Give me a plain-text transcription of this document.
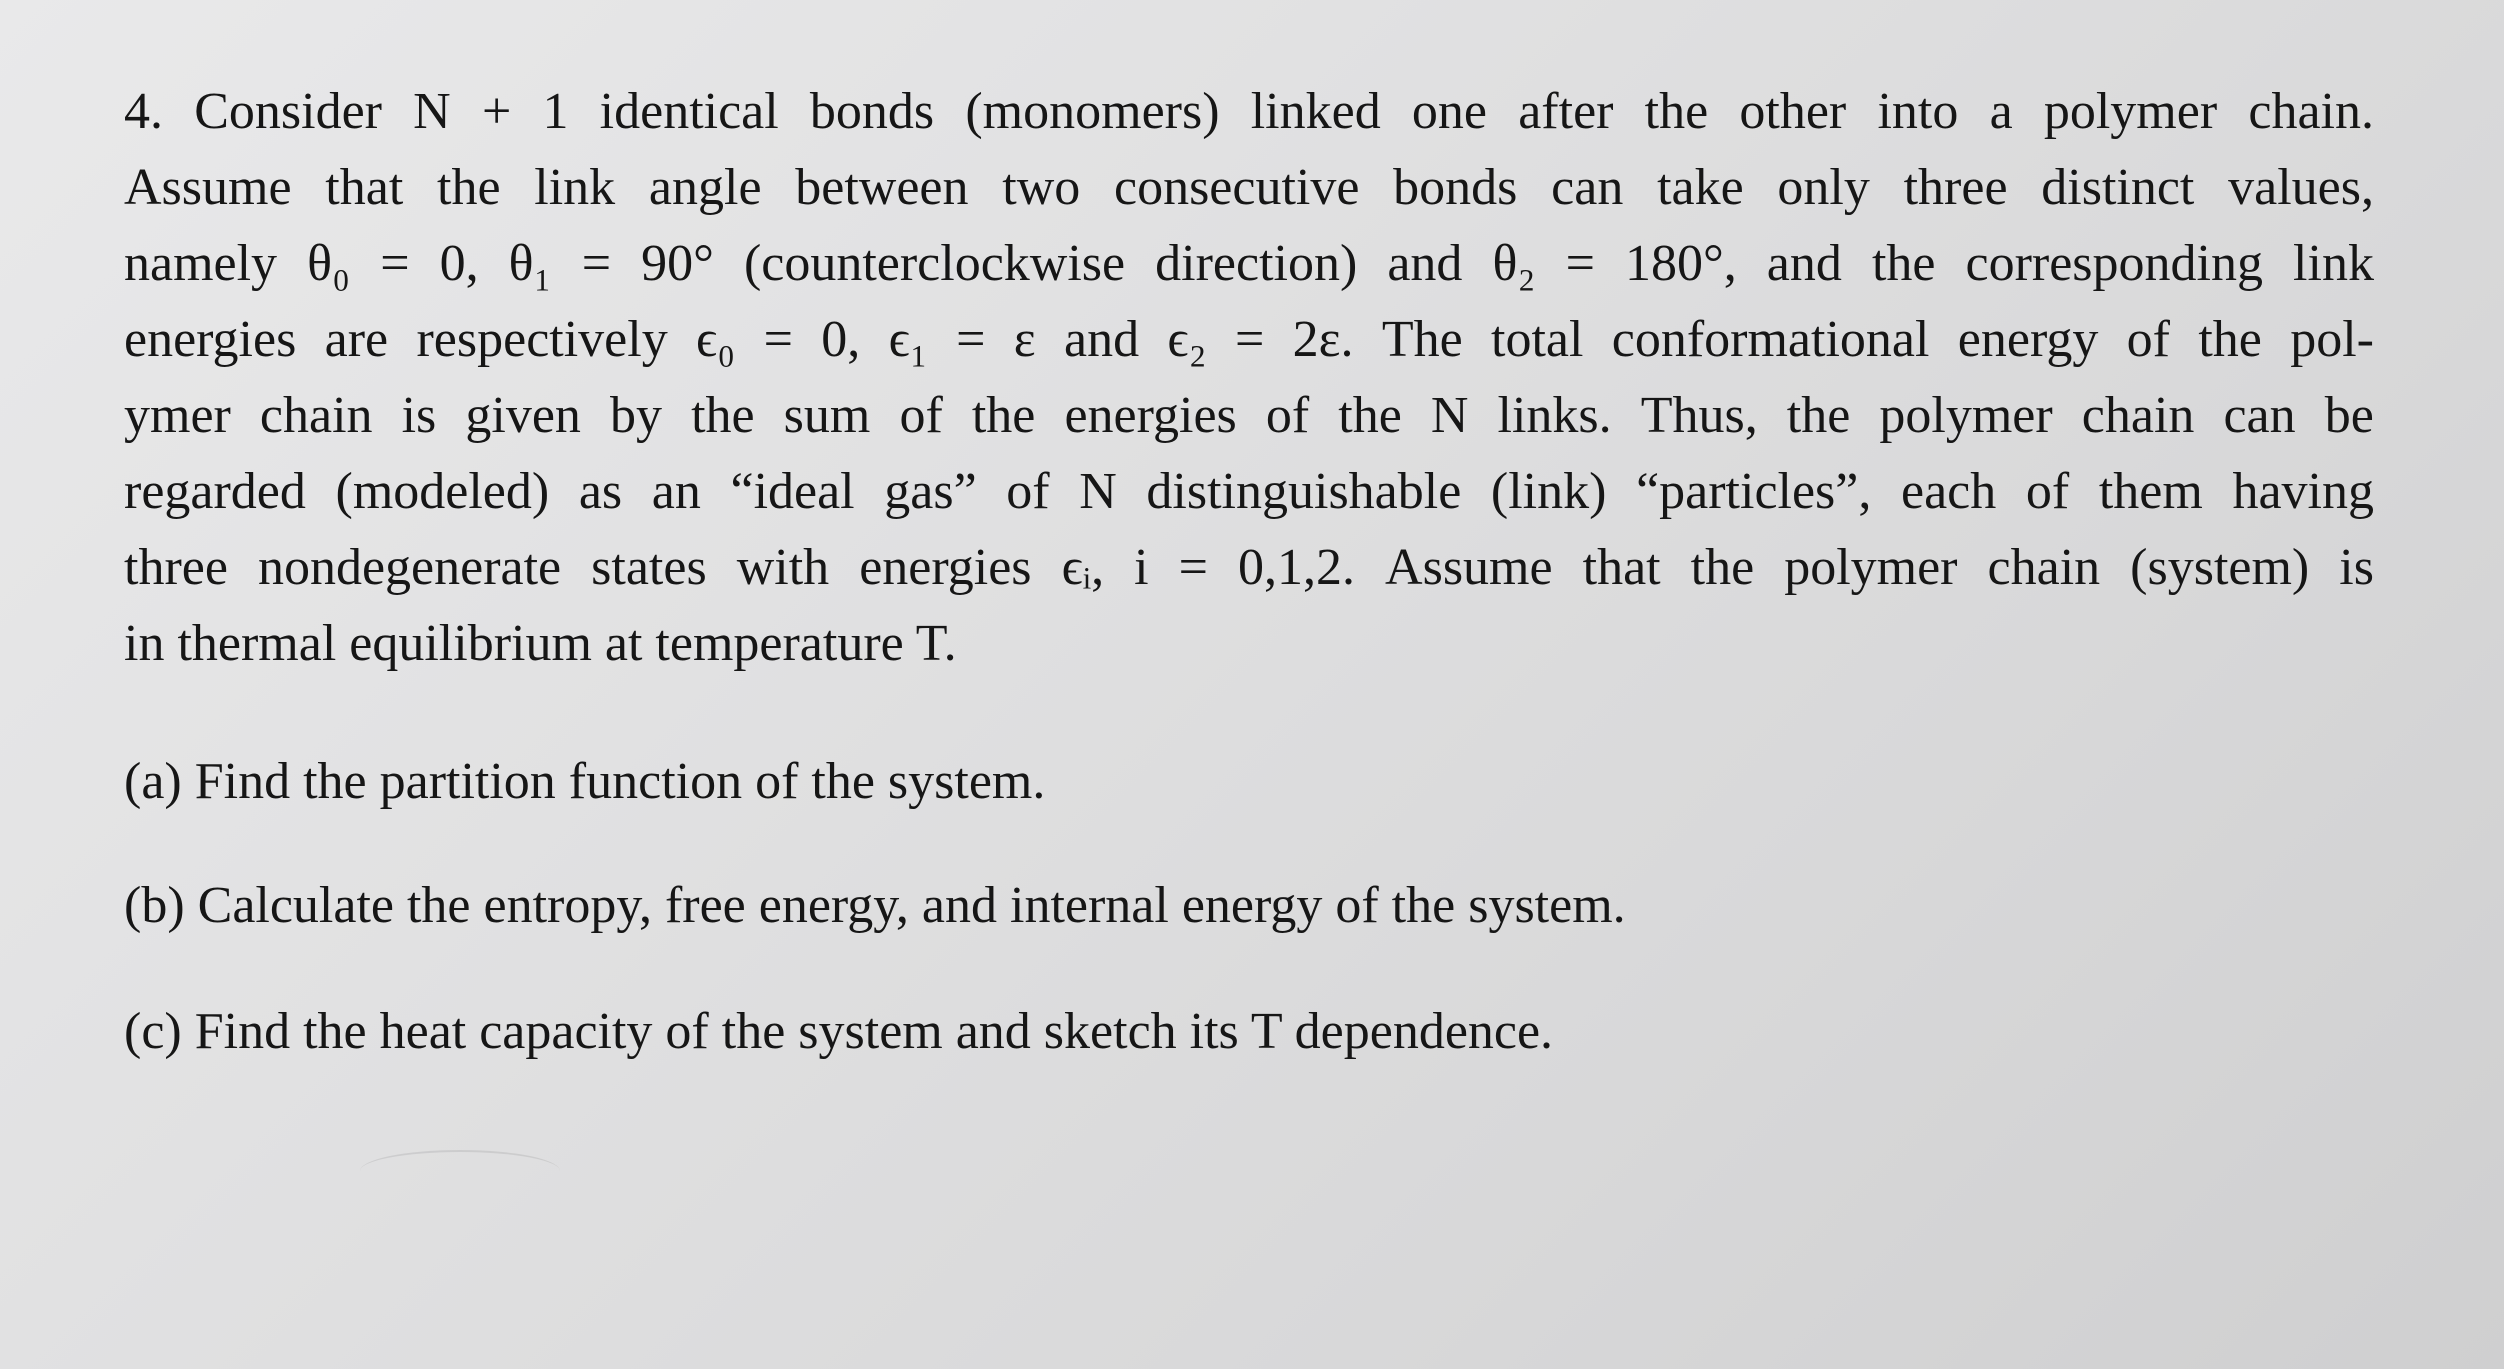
4. Consider N + 1 identical bonds (monomers) linked one after the other into a polymer chain.
Assume that the link angle between two consecutive bonds can take only three distinct values,
namely θ₀ = 0, θ₁ = 90° (counterclockwise direction) and θ₂ = 180°, and the corresponding link
energies are respectively ϵ₀ = 0, ϵ₁ = ε and ϵ₂ = 2ε. The total conformational energy of the pol-
ymer chain is given by the sum of the energies of the N links. Thus, the polymer chain can be
regarded (modeled) as an “ideal gas” of N distinguishable (link) “particles”, each of them having
three nondegenerate states with energies ϵᵢ, i = 0,1,2. Assume that the polymer chain (system) is
in thermal equilibrium at temperature T.
(a) Find the partition function of the system.
(b) Calculate the entropy, free energy, and internal energy of the system.
(c) Find the heat capacity of the system and sketch its T dependence.
